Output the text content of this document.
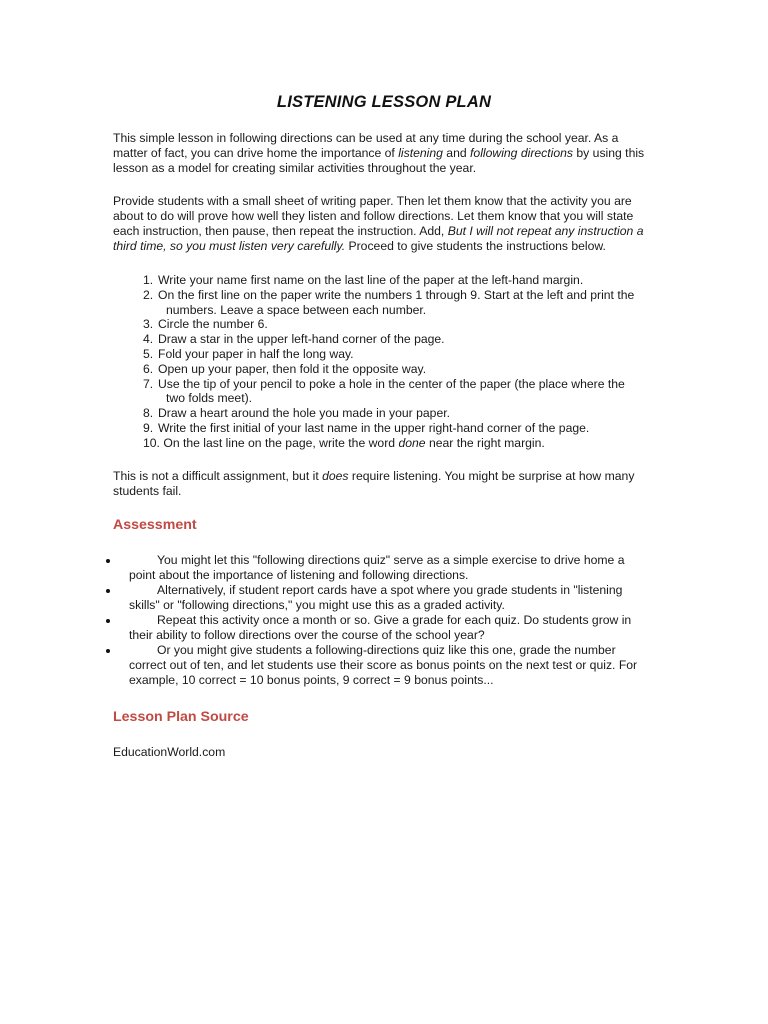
LISTENING LESSON PLAN

This simple lesson in following directions can be used at any time during the school year. As a matter of fact, you can drive home the importance of listening and following directions by using this lesson as a model for creating similar activities throughout the year.

Provide students with a small sheet of writing paper. Then let them know that the activity you are about to do will prove how well they listen and follow directions. Let them know that you will state each instruction, then pause, then repeat the instruction. Add, But I will not repeat any instruction a third time, so you must listen very carefully. Proceed to give students the instructions below.

1. Write your name first name on the last line of the paper at the left-hand margin.
2. On the first line on the paper write the numbers 1 through 9. Start at the left and print the
numbers. Leave a space between each number.
3. Circle the number 6.
4. Draw a star in the upper left-hand corner of the page.
5. Fold your paper in half the long way.
6. Open up your paper, then fold it the opposite way.
7. Use the tip of your pencil to poke a hole in the center of the paper (the place where the
two folds meet).
8. Draw a heart around the hole you made in your paper.
9. Write the first initial of your last name in the upper right-hand corner of the page.
10. On the last line on the page, write the word done near the right margin.

This is not a difficult assignment, but it does require listening. You might be surprise at how many students fail.

Assessment
You might let this "following directions quiz" serve as a simple exercise to drive home a point about the importance of listening and following directions.
Alternatively, if student report cards have a spot where you grade students in "listening skills" or "following directions," you might use this as a graded activity.
Repeat this activity once a month or so. Give a grade for each quiz. Do students grow in their ability to follow directions over the course of the school year?
Or you might give students a following-directions quiz like this one, grade the number correct out of ten, and let students use their score as bonus points on the next test or quiz. For example, 10 correct = 10 bonus points, 9 correct = 9 bonus points...
Lesson Plan Source
EducationWorld.com
